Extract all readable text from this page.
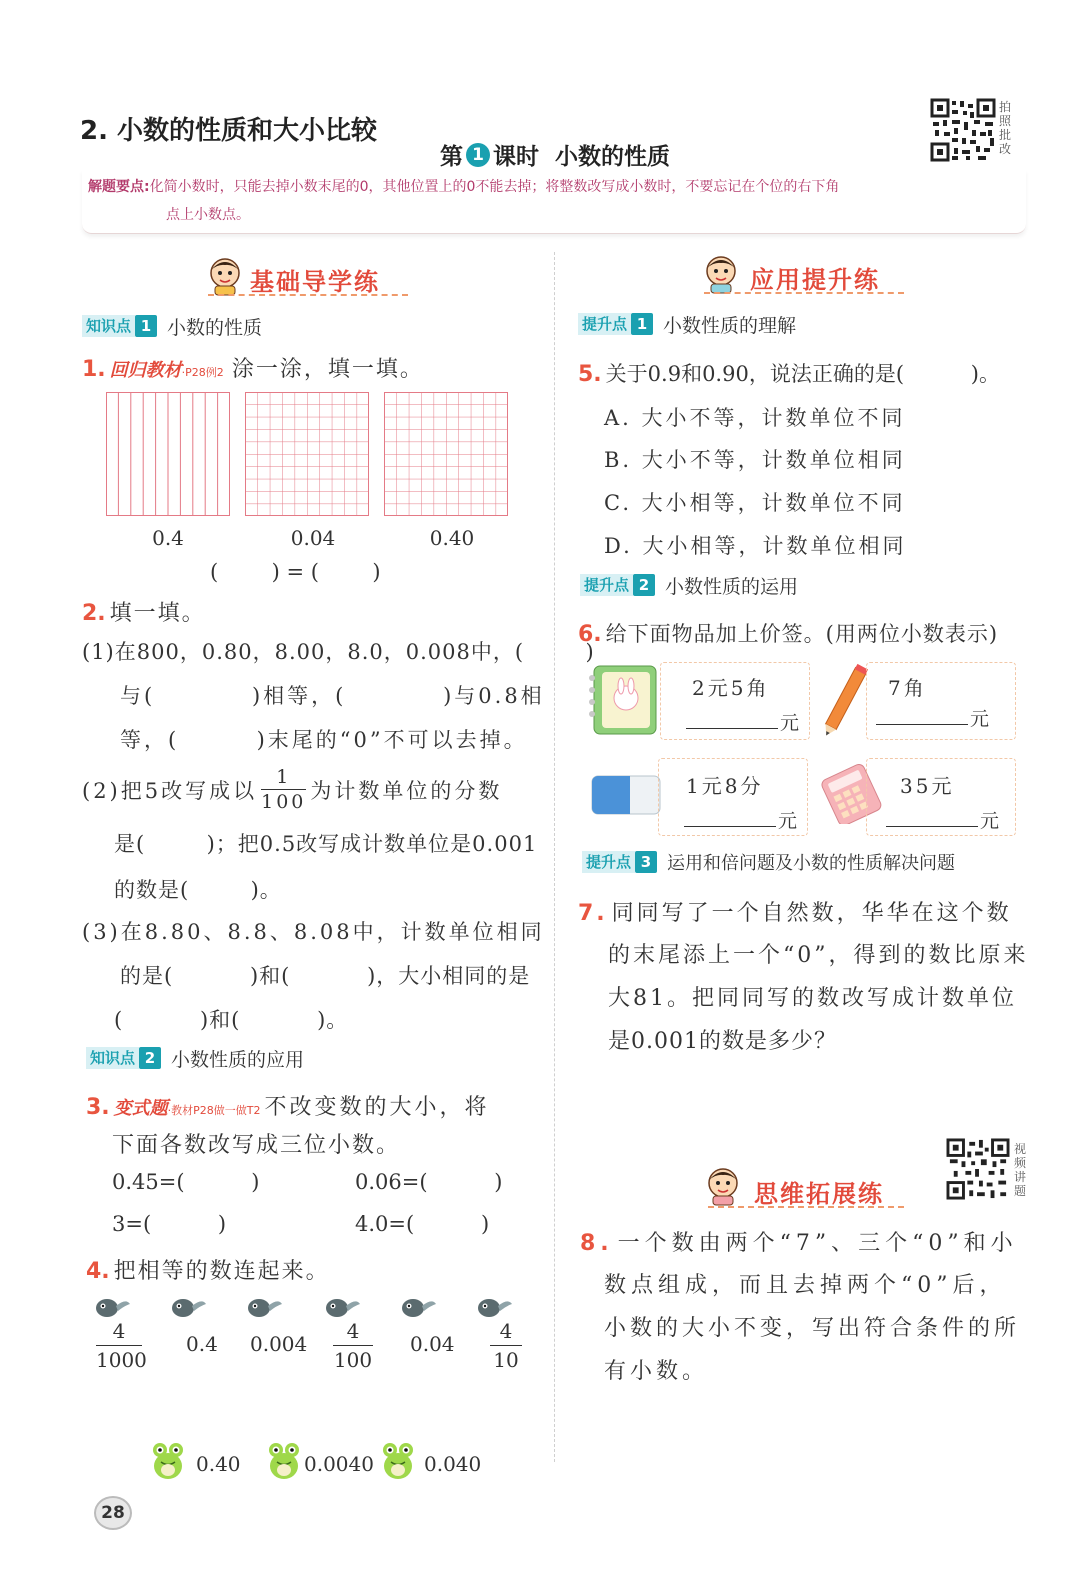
2. 小数的性质和大小比较
第 1 课时  小数的性质
拍照批改
解题要点:化简小数时，只能去掉小数末尾的0，其他位置上的0不能去掉；将整数改写成小数时，不要忘记在个位的右下角
点上小数点。
基础导学练
知识点 1 小数的性质
1. 回归教材 ·P28例2 涂一涂，填一填。
0.4	0.04	0.40
(        ) = (        )
2. 填一填。
(1)在800，0.80，8.00，8.0，0.008中，(        )
与(          )相等，(          )与0.8相
等，(        )末尾的“0”不可以去掉。
(2)把5改写成以 $\frac{1}{100}$ 为计数单位的分数
是(        )；把0.5改写成计数单位是0.001
的数是(        )。
(3)在8.80、8.8、8.08中，计数单位相同
的是(          )和(          )，大小相同的是
(          )和(          )。
知识点 2 小数性质的应用
3. 变式题 ·教材P28做一做T2 不改变数的大小，将
下面各数改写成三位小数。
0.45=(          )	0.06=(          )
3=(          )	4.0=(          )
4. 把相等的数连起来。
4
1000
0.4 0.004
4
100
0.04
4
10
0.40	0.0040	0.040
28
应用提升练
提升点 1 小数性质的理解
5. 关于0.9和0.90，说法正确的是(          )。
A. 大小不等，计数单位不同
B. 大小不等，计数单位相同
C. 大小相等，计数单位不同
D. 大小相等，计数单位相同
提升点 2 小数性质的运用
6. 给下面物品加上价签。(用两位小数表示)
2元5角
元
7角
元
1元8分
元
35元
元
提升点 3 运用和倍问题及小数的性质解决问题
7. 同同写了一个自然数，华华在这个数
的末尾添上一个“0”，得到的数比原来
大81。把同同写的数改写成计数单位
是0.001的数是多少？
思维拓展练
视频讲题
8. 一个数由两个“7”、三个“0”和小
数点组成，而且去掉两个“0”后，
小数的大小不变，写出符合条件的所
有小数。
